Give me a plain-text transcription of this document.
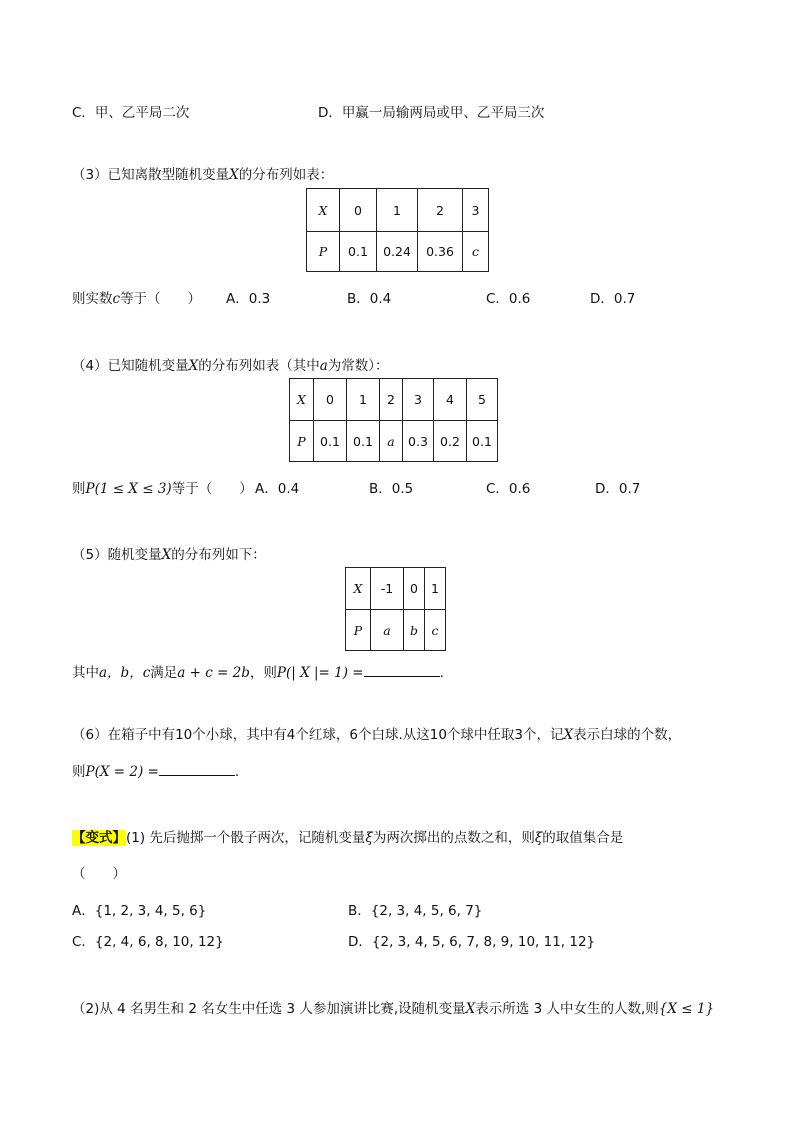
C．甲、乙平局二次	D．甲赢一局输两局或甲、乙平局三次
（3）已知离散型随机变量X的分布列如表：
X	0	1	2	3
P	0.1	0.24	0.36	c
则实数c等于（　　） A．0.3	B．0.4	C．0.6	D．0.7
（4）已知随机变量X的分布列如表（其中a为常数）：
X	0	1	2	3	4	5
P	0.1	0.1	a	0.3	0.2	0.1
则P(1 ≤ X ≤ 3)等于（　　） A．0.4	B．0.5	C．0.6	D．0.7
（5）随机变量X的分布列如下：
X	-1	0	1
P	a	b	c
其中a，b，c满足a + c = 2b，则P(| X |= 1) =	.
（6）在箱子中有10个小球，其中有4个红球，6个白球.从这10个球中任取3个，记X表示白球的个数，
则P(X = 2) =	.
【变式】(1) 先后抛掷一个骰子两次，记随机变量ξ为两次掷出的点数之和，则ξ的取值集合是
（　　）
A．{1, 2, 3, 4, 5, 6}	B．{2, 3, 4, 5, 6, 7}
C．{2, 4, 6, 8, 10, 12}	D．{2, 3, 4, 5, 6, 7, 8, 9, 10, 11, 12}
（2)从 4 名男生和 2 名女生中任选 3 人参加演讲比赛,设随机变量X表示所选 3 人中女生的人数,则{X ≤ 1}
